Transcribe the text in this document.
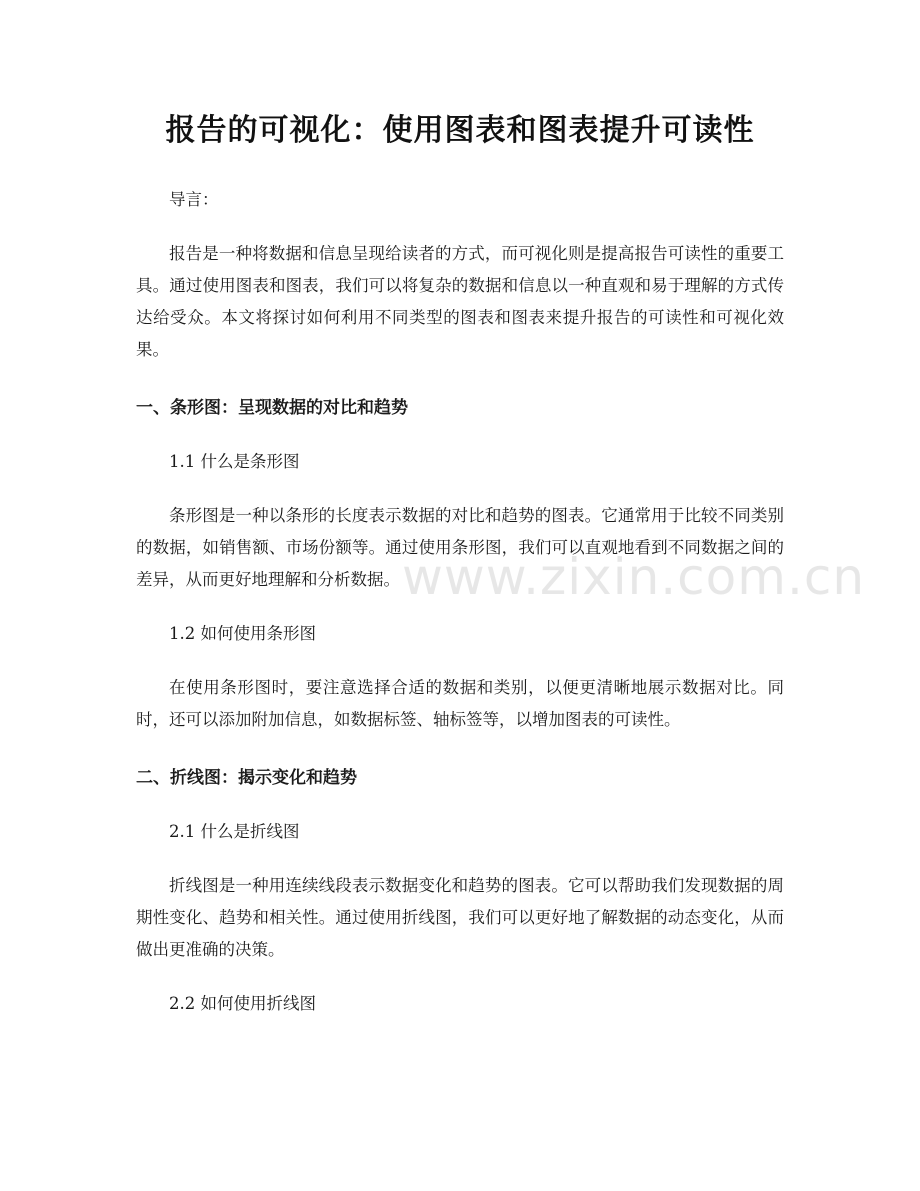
报告的可视化：使用图表和图表提升可读性

导言：

报告是一种将数据和信息呈现给读者的方式，而可视化则是提高报告可读性的重要工具。通过使用图表和图表，我们可以将复杂的数据和信息以一种直观和易于理解的方式传达给受众。本文将探讨如何利用不同类型的图表和图表来提升报告的可读性和可视化效果。

一、条形图：呈现数据的对比和趋势

1.1 什么是条形图

条形图是一种以条形的长度表示数据的对比和趋势的图表。它通常用于比较不同类别的数据，如销售额、市场份额等。通过使用条形图，我们可以直观地看到不同数据之间的差异，从而更好地理解和分析数据。

1.2 如何使用条形图

在使用条形图时，要注意选择合适的数据和类别，以便更清晰地展示数据对比。同时，还可以添加附加信息，如数据标签、轴标签等，以增加图表的可读性。

二、折线图：揭示变化和趋势

2.1 什么是折线图

折线图是一种用连续线段表示数据变化和趋势的图表。它可以帮助我们发现数据的周期性变化、趋势和相关性。通过使用折线图，我们可以更好地了解数据的动态变化，从而做出更准确的决策。

2.2 如何使用折线图

www.zixin.com.cn
